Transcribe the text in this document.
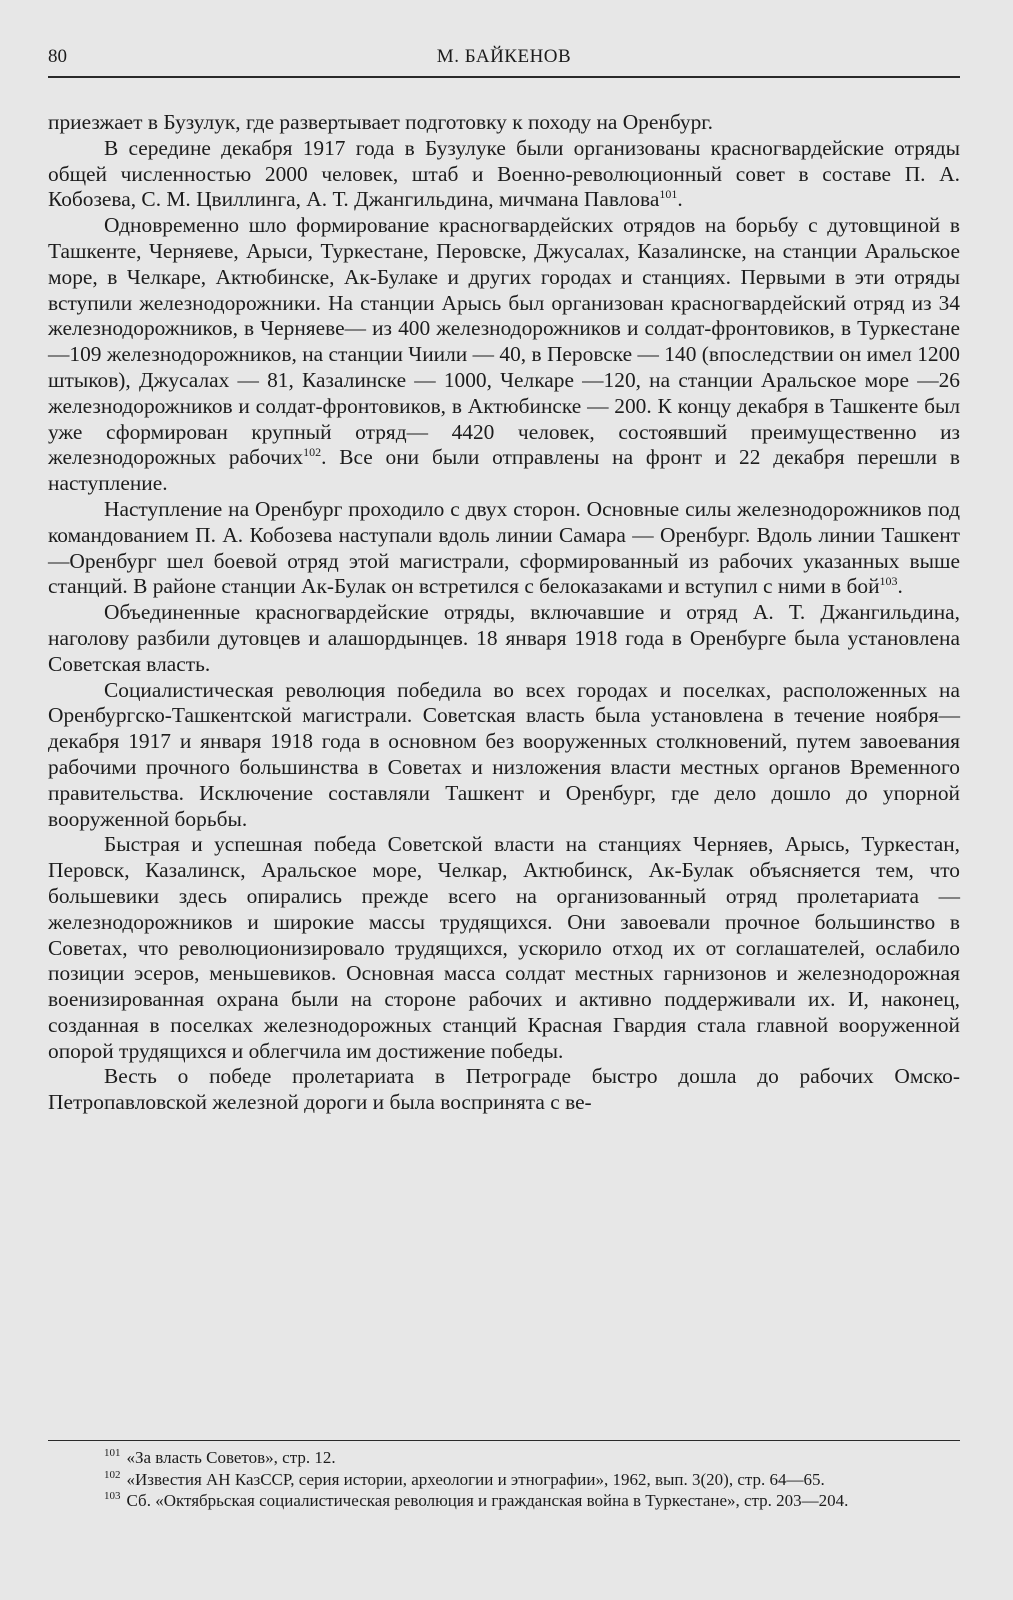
80	М. БАЙКЕНОВ

приезжает в Бузулук, где развертывает подготовку к походу на Оренбург.

В середине декабря 1917 года в Бузулуке были организованы красногвардейские отряды общей численностью 2000 человек, штаб и Военно-революционный совет в составе П. А. Кобозева, С. М. Цвиллинга, А. Т. Джангильдина, мичмана Павлова$^{101}$.

Одновременно шло формирование красногвардейских отрядов на борьбу с дутовщиной в Ташкенте, Черняеве, Арыси, Туркестане, Перовске, Джусалах, Казалинске, на станции Аральское море, в Челкаре, Актюбинске, Ак-Булаке и других городах и станциях. Первыми в эти отряды вступили железнодорожники. На станции Арысь был организован красногвардейский отряд из 34 железнодорожников, в Черняеве— из 400 железнодорожников и солдат-фронтовиков, в Туркестане—109 железнодорожников, на станции Чиили — 40, в Перовске — 140 (впоследствии он имел 1200 штыков), Джусалах — 81, Казалинске — 1000, Челкаре —120, на станции Аральское море —26 железнодорожников и солдат-фронтовиков, в Актюбинске — 200. К концу декабря в Ташкенте был уже сформирован крупный отряд— 4420 человек, состоявший преимущественно из железнодорожных рабочих$^{102}$. Все они были отправлены на фронт и 22 декабря перешли в наступление.

Наступление на Оренбург проходило с двух сторон. Основные силы железнодорожников под командованием П. А. Кобозева наступали вдоль линии Самара — Оренбург. Вдоль линии Ташкент—Оренбург шел боевой отряд этой магистрали, сформированный из рабочих указанных выше станций. В районе станции Ак-Булак он встретился с белоказаками и вступил с ними в бой$^{103}$.

Объединенные красногвардейские отряды, включавшие и отряд А. Т. Джангильдина, наголову разбили дутовцев и алашордынцев. 18 января 1918 года в Оренбурге была установлена Советская власть.

Социалистическая революция победила во всех городах и поселках, расположенных на Оренбургско-Ташкентской магистрали. Советская власть была установлена в течение ноября—декабря 1917 и января 1918 года в основном без вооруженных столкновений, путем завоевания рабочими прочного большинства в Советах и низложения власти местных органов Временного правительства. Исключение составляли Ташкент и Оренбург, где дело дошло до упорной вооруженной борьбы.

Быстрая и успешная победа Советской власти на станциях Черняев, Арысь, Туркестан, Перовск, Казалинск, Аральское море, Челкар, Актюбинск, Ак-Булак объясняется тем, что большевики здесь опирались прежде всего на организованный отряд пролетариата — железнодорожников и широкие массы трудящихся. Они завоевали прочное большинство в Советах, что революционизировало трудящихся, ускорило отход их от соглашателей, ослабило позиции эсеров, меньшевиков. Основная масса солдат местных гарнизонов и железнодорожная военизированная охрана были на стороне рабочих и активно поддерживали их. И, наконец, созданная в поселках железнодорожных станций Красная Гвардия стала главной вооруженной опорой трудящихся и облегчила им достижение победы.

Весть о победе пролетариата в Петрограде быстро дошла до рабочих Омско-Петропавловской железной дороги и была воспринята с ве-

$^{101}$ «За власть Советов», стр. 12.

$^{102}$ «Известия АН КазССР, серия истории, археологии и этнографии», 1962, вып. 3(20), стр. 64—65.

$^{103}$ Сб. «Октябрьская социалистическая революция и гражданская война в Туркестане», стр. 203—204.
